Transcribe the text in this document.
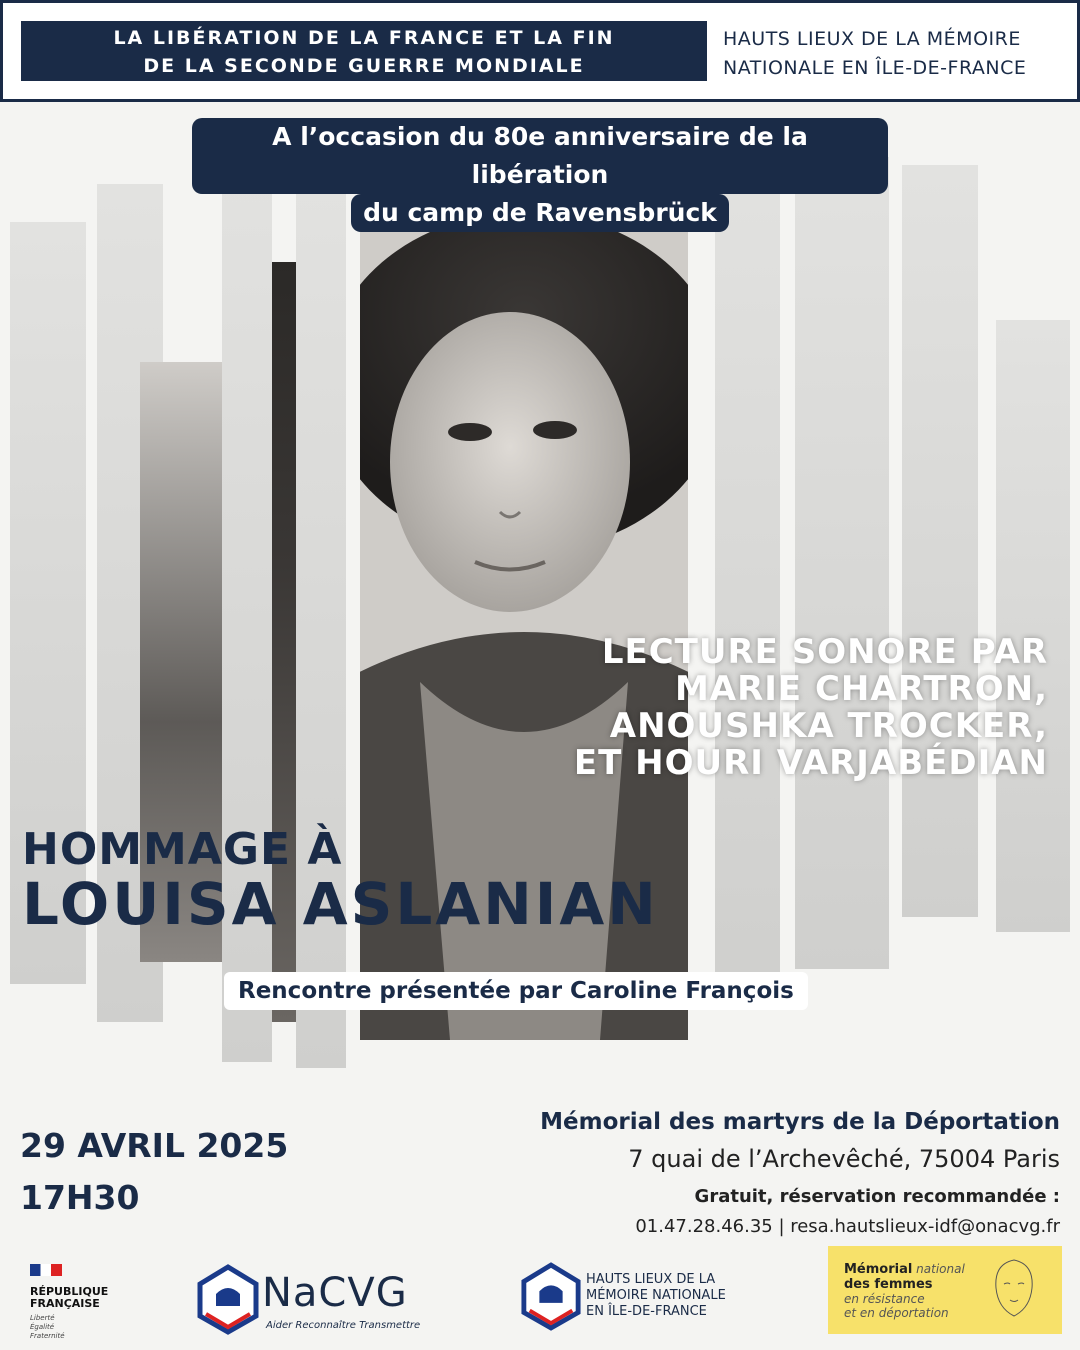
LA LIBÉRATION DE LA FRANCE ET LA FIN
DE LA SECONDE GUERRE MONDIALE
HAUTS LIEUX DE LA MÉMOIRE
NATIONALE EN ÎLE-DE-FRANCE
A l’occasion du 80e anniversaire de la libération
du camp de Ravensbrück
LECTURE SONORE PAR
MARIE CHARTRON,
ANOUSHKA TROCKER,
ET HOURI VARJABÉDIAN
HOMMAGE À
LOUISA ASLANIAN
Rencontre présentée par Caroline François
29 AVRIL 2025
17H30
Mémorial des martyrs de la Déportation
7 quai de l’Archevêché, 75004 Paris
Gratuit, réservation recommandée :
01.47.28.46.35 | resa.hautslieux-idf@onacvg.fr
RÉPUBLIQUE
FRANÇAISE
Liberté
Égalité
Fraternité
NaCVG
Aider Reconnaître Transmettre
HAUTS LIEUX DE LA
MÉMOIRE NATIONALE
EN ÎLE-DE-FRANCE
Mémorial national
des femmes
en résistance
et en déportation
